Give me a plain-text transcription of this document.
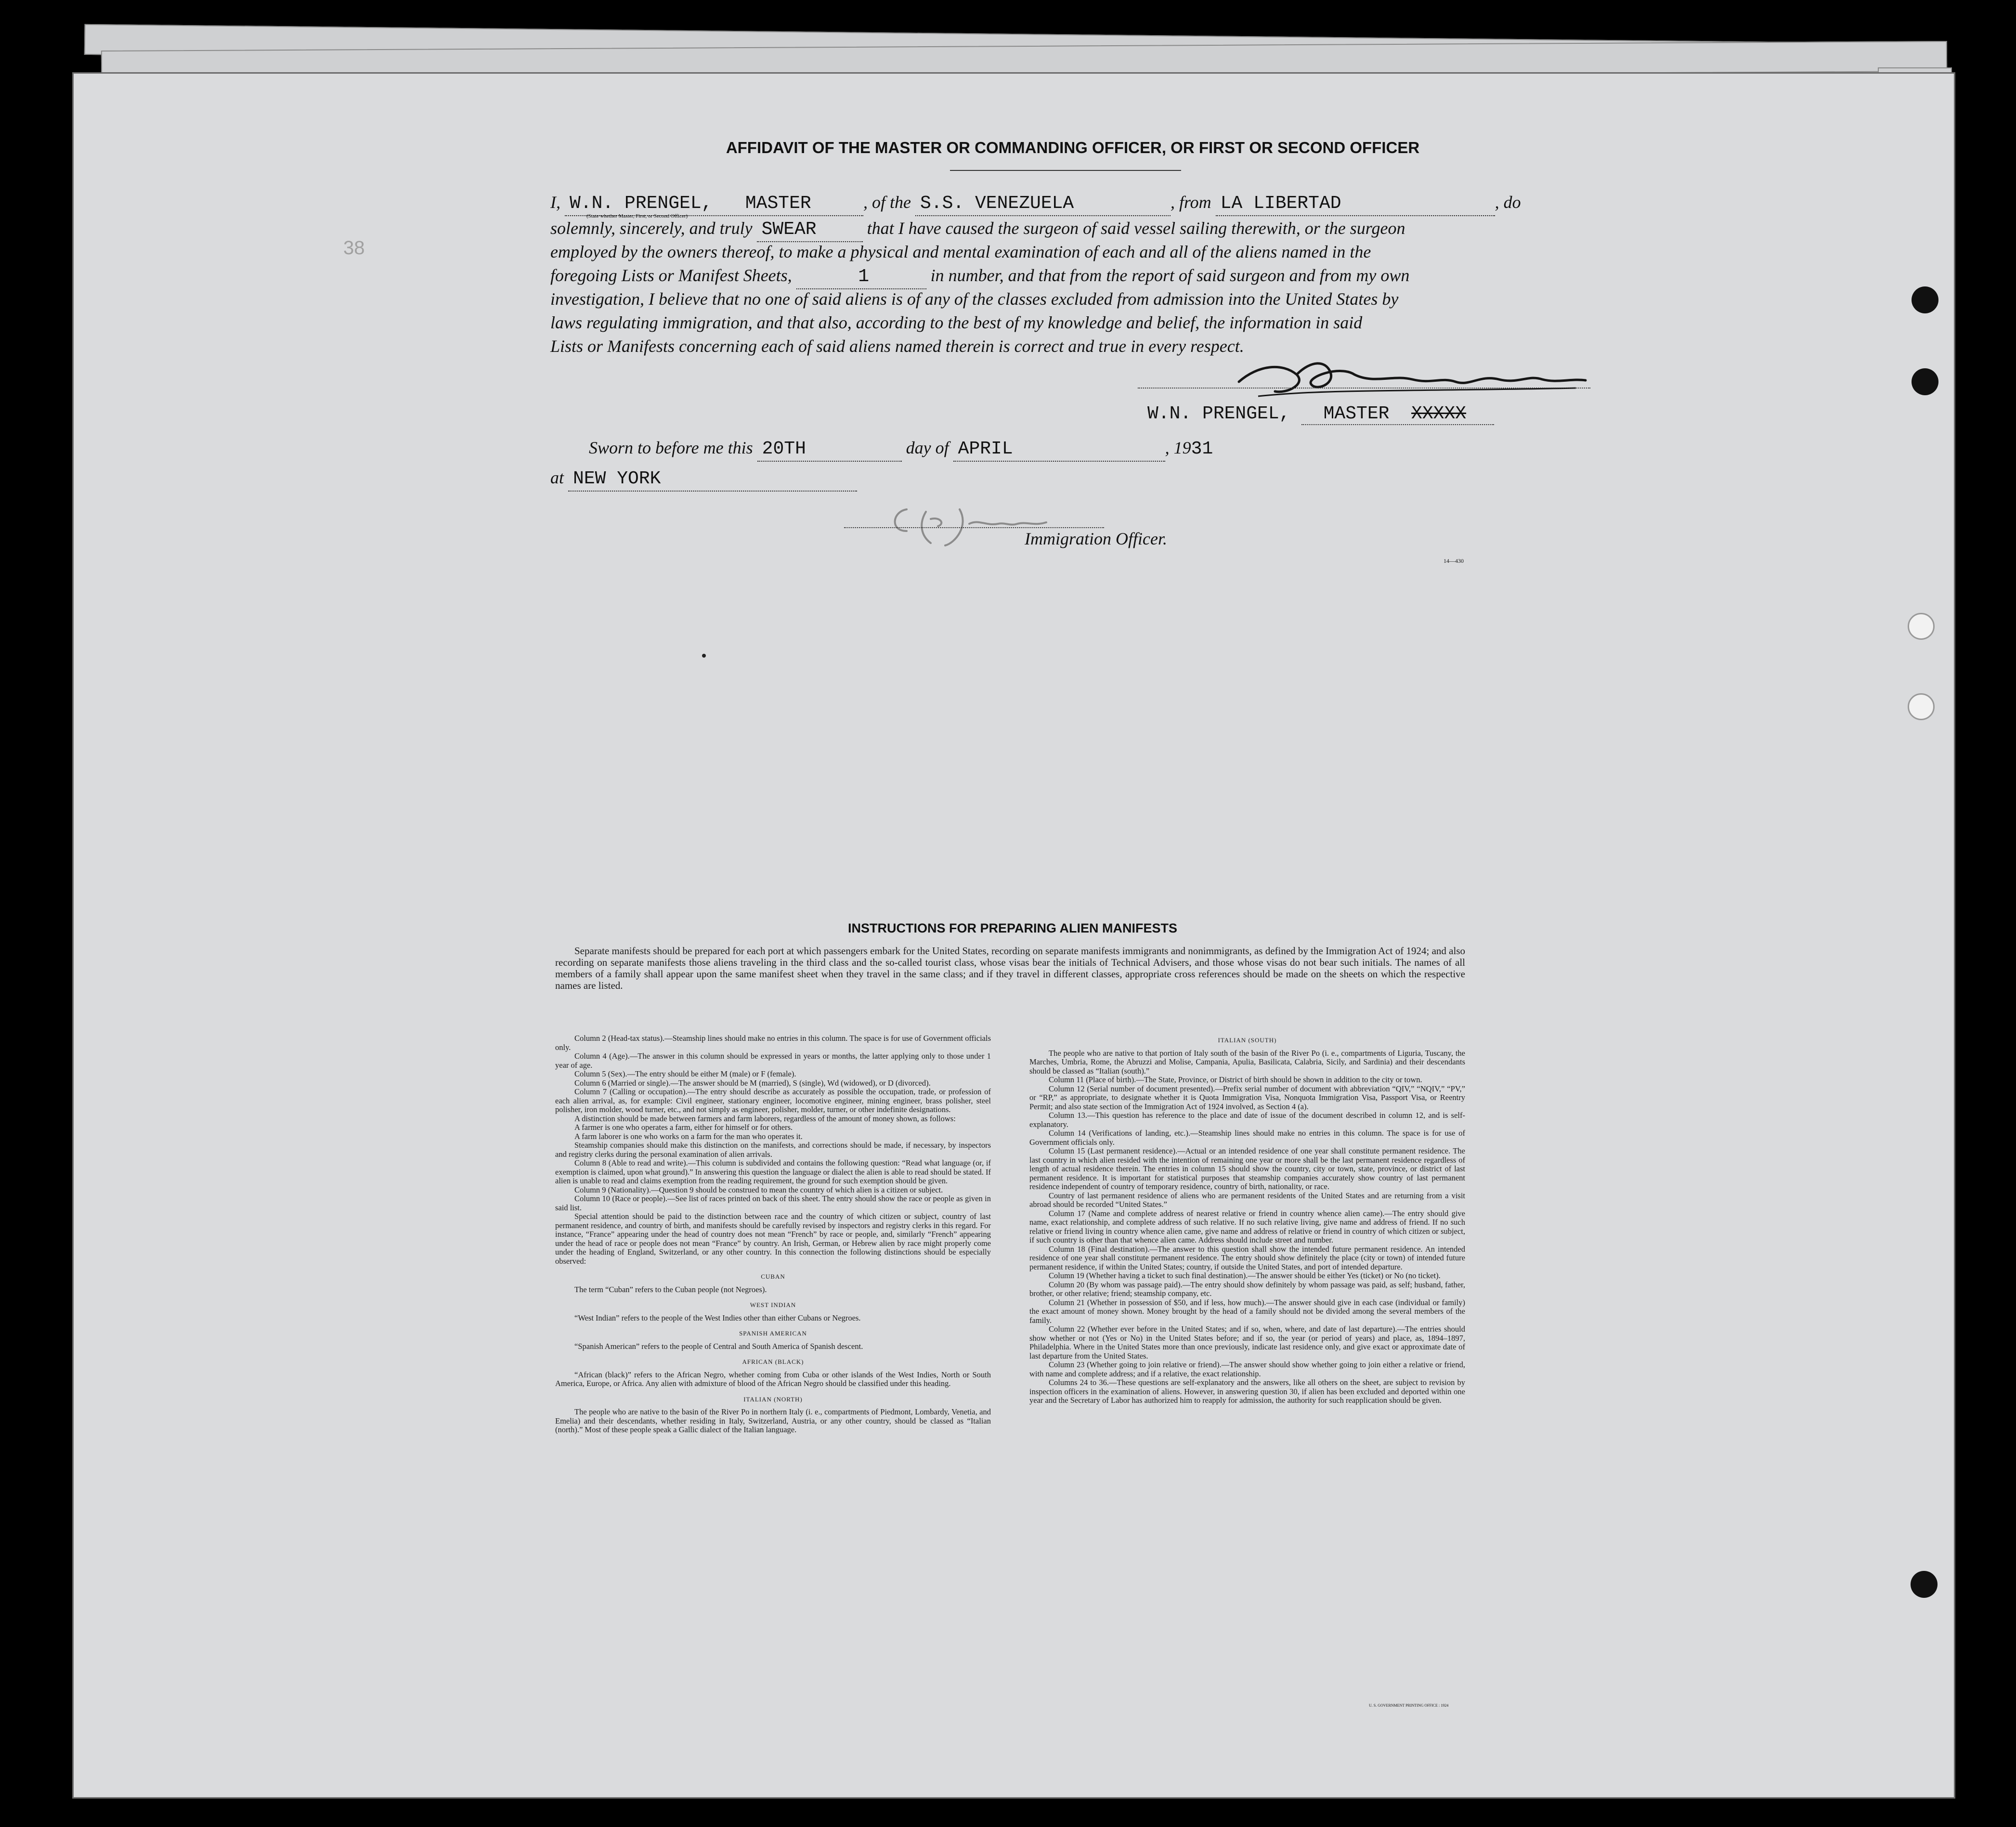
38
AFFIDAVIT OF THE MASTER OR COMMANDING OFFICER, OR FIRST OR SECOND OFFICER
I, W.N. PRENGEL, MASTER	, of the S.S. VENEZUELA	, from LA LIBERTAD	, do
(State whether Master, First, or Second Officer)
solemnly, sincerely, and truly SWEAR	that I have caused the surgeon of said vessel sailing therewith, or the surgeon
employed by the owners thereof, to make a physical and mental examination of each and all of the aliens named in the
foregoing Lists or Manifest Sheets,	1	in number, and that from the report of said surgeon and from my own
investigation, I believe that no one of said aliens is of any of the classes excluded from admission into the United States by
laws regulating immigration, and that also, according to the best of my knowledge and belief, the information in said
Lists or Manifests concerning each of said aliens named therein is correct and true in every respect.
W.N. PRENGEL,	MASTER XXXXX
Sworn to before me this 20TH	day of APRIL	, 1931
at NEW YORK
Immigration Officer.
14—430
INSTRUCTIONS FOR PREPARING ALIEN MANIFESTS
Separate manifests should be prepared for each port at which passengers embark for the United States, recording on separate manifests immigrants and nonimmigrants, as defined by the Immigration Act of 1924; and also recording on separate manifests those aliens traveling in the third class and the so-called tourist class, whose visas bear the initials of Technical Advisers, and those whose visas do not bear such initials. The names of all members of a family shall appear upon the same manifest sheet when they travel in the same class; and if they travel in different classes, appropriate cross references should be made on the sheets on which the respective names are listed.

Column 2 (Head-tax status).—Steamship lines should make no entries in this column. The space is for use of Government officials only.

Column 4 (Age).—The answer in this column should be expressed in years or months, the latter applying only to those under 1 year of age.

Column 5 (Sex).—The entry should be either M (male) or F (female).

Column 6 (Married or single).—The answer should be M (married), S (single), Wd (widowed), or D (divorced).

Column 7 (Calling or occupation).—The entry should describe as accurately as possible the occupation, trade, or profession of each alien arrival, as, for example: Civil engineer, stationary engineer, locomotive engineer, mining engineer, brass polisher, steel polisher, iron molder, wood turner, etc., and not simply as engineer, polisher, molder, turner, or other indefinite designations.

A distinction should be made between farmers and farm laborers, regardless of the amount of money shown, as follows:

A farmer is one who operates a farm, either for himself or for others.

A farm laborer is one who works on a farm for the man who operates it.

Steamship companies should make this distinction on the manifests, and corrections should be made, if necessary, by inspectors and registry clerks during the personal examination of alien arrivals.

Column 8 (Able to read and write).—This column is subdivided and contains the following question: “Read what language (or, if exemption is claimed, upon what ground).” In answering this question the language or dialect the alien is able to read should be stated. If alien is unable to read and claims exemption from the reading requirement, the ground for such exemption should be given.

Column 9 (Nationality).—Question 9 should be construed to mean the country of which alien is a citizen or subject.

Column 10 (Race or people).—See list of races printed on back of this sheet. The entry should show the race or people as given in said list.

Special attention should be paid to the distinction between race and the country of which citizen or subject, country of last permanent residence, and country of birth, and manifests should be carefully revised by inspectors and registry clerks in this regard. For instance, “France” appearing under the head of country does not mean “French” by race or people, and, similarly “French” appearing under the head of race or people does not mean “France” by country. An Irish, German, or Hebrew alien by race might properly come under the heading of England, Switzerland, or any other country. In this connection the following distinctions should be especially observed:

CUBAN

The term “Cuban” refers to the Cuban people (not Negroes).

WEST INDIAN

“West Indian” refers to the people of the West Indies other than either Cubans or Negroes.

SPANISH AMERICAN

“Spanish American” refers to the people of Central and South America of Spanish descent.

AFRICAN (BLACK)

“African (black)” refers to the African Negro, whether coming from Cuba or other islands of the West Indies, North or South America, Europe, or Africa. Any alien with admixture of blood of the African Negro should be classified under this heading.

ITALIAN (NORTH)

The people who are native to the basin of the River Po in northern Italy (i. e., compartments of Piedmont, Lombardy, Venetia, and Emelia) and their descendants, whether residing in Italy, Switzerland, Austria, or any other country, should be classed as “Italian (north).” Most of these people speak a Gallic dialect of the Italian language.

ITALIAN (SOUTH)

The people who are native to that portion of Italy south of the basin of the River Po (i. e., compartments of Liguria, Tuscany, the Marches, Umbria, Rome, the Abruzzi and Molise, Campania, Apulia, Basilicata, Calabria, Sicily, and Sardinia) and their descendants should be classed as “Italian (south).”

Column 11 (Place of birth).—The State, Province, or District of birth should be shown in addition to the city or town.

Column 12 (Serial number of document presented).—Prefix serial number of document with abbreviation “QIV,” “NQIV,” “PV,” or “RP,” as appropriate, to designate whether it is Quota Immigration Visa, Nonquota Immigration Visa, Passport Visa, or Reentry Permit; and also state section of the Immigration Act of 1924 involved, as Section 4 (a).

Column 13.—This question has reference to the place and date of issue of the document described in column 12, and is self-explanatory.

Column 14 (Verifications of landing, etc.).—Steamship lines should make no entries in this column. The space is for use of Government officials only.

Column 15 (Last permanent residence).—Actual or an intended residence of one year shall constitute permanent residence. The last country in which alien resided with the intention of remaining one year or more shall be the last permanent residence regardless of length of actual residence therein. The entries in column 15 should show the country, city or town, state, province, or district of last permanent residence. It is important for statistical purposes that steamship companies accurately show country of last permanent residence independent of country of temporary residence, country of birth, nationality, or race.

Country of last permanent residence of aliens who are permanent residents of the United States and are returning from a visit abroad should be recorded “United States.”

Column 17 (Name and complete address of nearest relative or friend in country whence alien came).—The entry should give name, exact relationship, and complete address of such relative. If no such relative living, give name and address of friend. If no such relative or friend living in country whence alien came, give name and address of relative or friend in country of which citizen or subject, if such country is other than that whence alien came. Address should include street and number.

Column 18 (Final destination).—The answer to this question shall show the intended future permanent residence. An intended residence of one year shall constitute permanent residence. The entry should show definitely the place (city or town) of intended future permanent residence, if within the United States; country, if outside the United States, and port of intended departure.

Column 19 (Whether having a ticket to such final destination).—The answer should be either Yes (ticket) or No (no ticket).

Column 20 (By whom was passage paid).—The entry should show definitely by whom passage was paid, as self; husband, father, brother, or other relative; friend; steamship company, etc.

Column 21 (Whether in possession of $50, and if less, how much).—The answer should give in each case (individual or family) the exact amount of money shown. Money brought by the head of a family should not be divided among the several members of the family.

Column 22 (Whether ever before in the United States; and if so, when, where, and date of last departure).—The entries should show whether or not (Yes or No) in the United States before; and if so, the year (or period of years) and place, as, 1894–1897, Philadelphia. Where in the United States more than once previously, indicate last residence only, and give exact or approximate date of last departure from the United States.

Column 23 (Whether going to join relative or friend).—The answer should show whether going to join either a relative or friend, with name and complete address; and if a relative, the exact relationship.

Columns 24 to 36.—These questions are self-explanatory and the answers, like all others on the sheet, are subject to revision by inspection officers in the examination of aliens. However, in answering question 30, if alien has been excluded and deported within one year and the Secretary of Labor has authorized him to reapply for admission, the authority for such reapplication should be given.

U. S. GOVERNMENT PRINTING OFFICE : 1924
